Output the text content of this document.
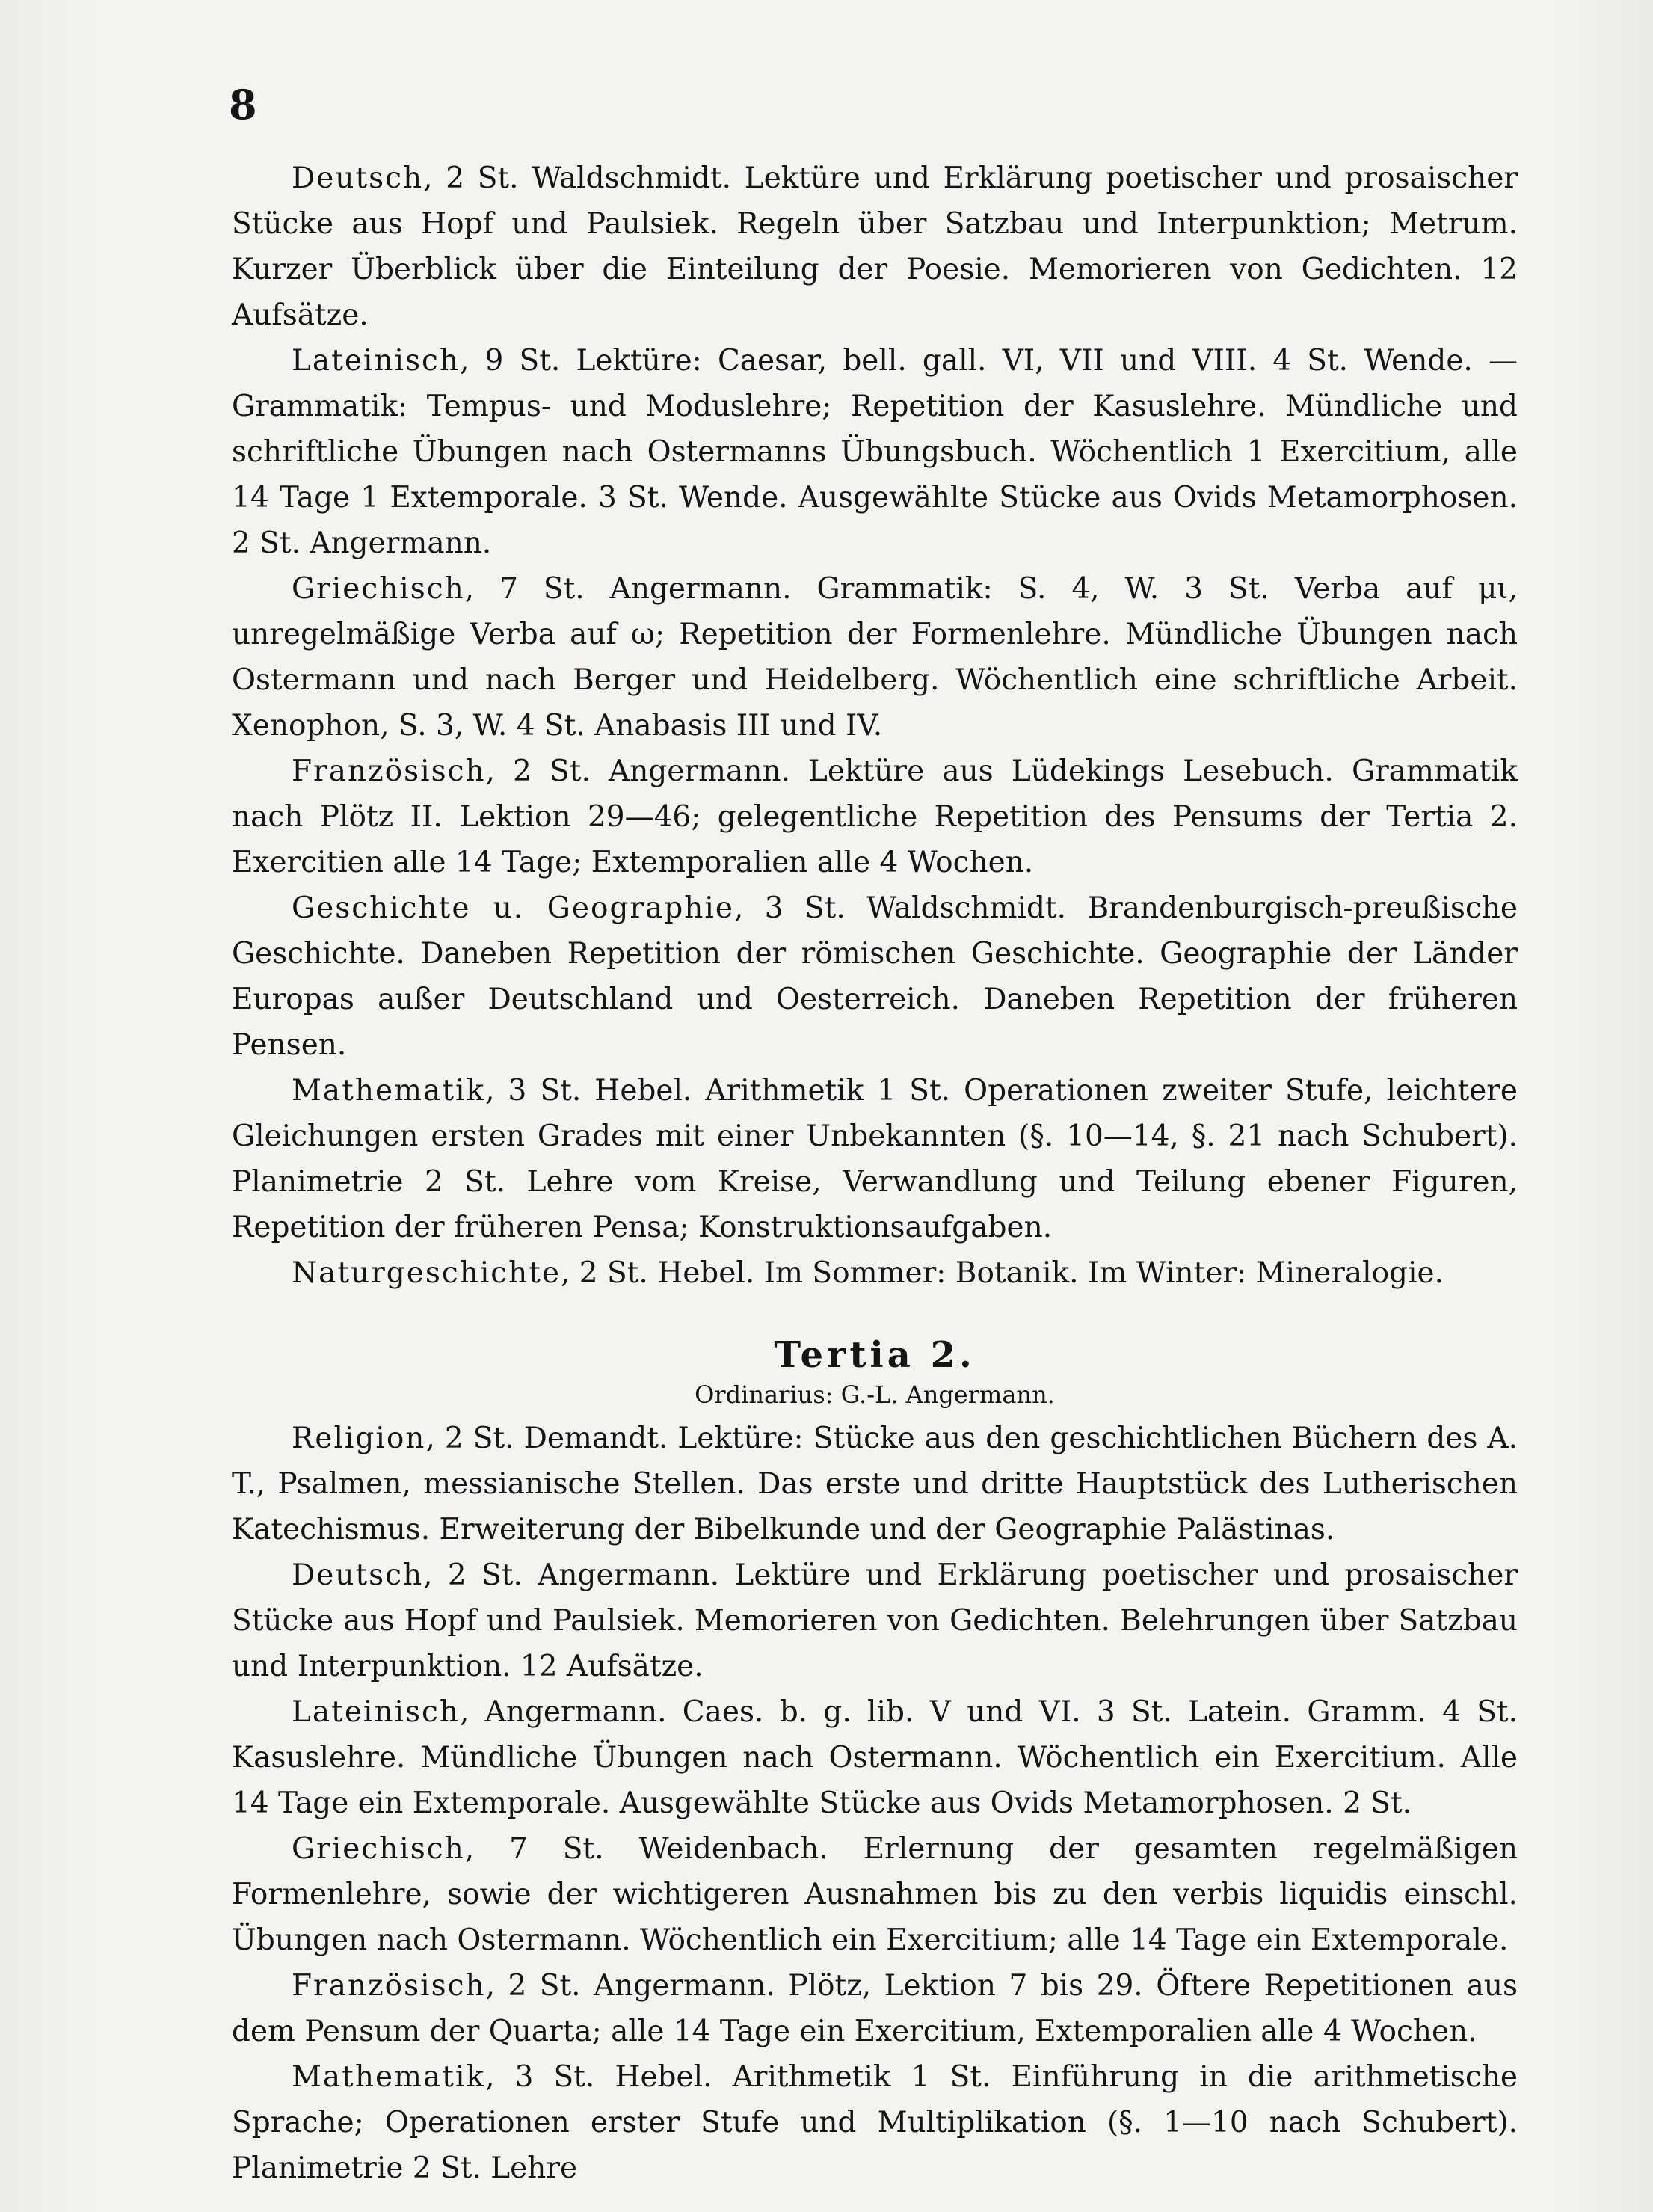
8

Deutsch, 2 St. Waldschmidt. Lektüre und Erklärung poetischer und prosaischer Stücke aus Hopf und Paulsiek. Regeln über Satzbau und Interpunktion; Metrum. Kurzer Überblick über die Einteilung der Poesie. Memorieren von Gedichten. 12 Aufsätze.

Lateinisch, 9 St. Lektüre: Caesar, bell. gall. VI, VII und VIII. 4 St. Wende. — Grammatik: Tempus- und Moduslehre; Repetition der Kasuslehre. Mündliche und schriftliche Übungen nach Ostermanns Übungsbuch. Wöchentlich 1 Exercitium, alle 14 Tage 1 Extemporale. 3 St. Wende. Ausgewählte Stücke aus Ovids Metamorphosen. 2 St. Angermann.

Griechisch, 7 St. Angermann. Grammatik: S. 4, W. 3 St. Verba auf μι, unregelmäßige Verba auf ω; Repetition der Formenlehre. Mündliche Übungen nach Ostermann und nach Berger und Heidelberg. Wöchentlich eine schriftliche Arbeit. Xenophon, S. 3, W. 4 St. Anabasis III und IV.

Französisch, 2 St. Angermann. Lektüre aus Lüdekings Lesebuch. Grammatik nach Plötz II. Lektion 29—46; gelegentliche Repetition des Pensums der Tertia 2. Exercitien alle 14 Tage; Extemporalien alle 4 Wochen.

Geschichte u. Geographie, 3 St. Waldschmidt. Brandenburgisch-preußische Geschichte. Daneben Repetition der römischen Geschichte. Geographie der Länder Europas außer Deutschland und Oesterreich. Daneben Repetition der früheren Pensen.

Mathematik, 3 St. Hebel. Arithmetik 1 St. Operationen zweiter Stufe, leichtere Gleichungen ersten Grades mit einer Unbekannten (§. 10—14, §. 21 nach Schubert). Planimetrie 2 St. Lehre vom Kreise, Verwandlung und Teilung ebener Figuren, Repetition der früheren Pensa; Konstruktionsaufgaben.

Naturgeschichte, 2 St. Hebel. Im Sommer: Botanik. Im Winter: Mineralogie.

Tertia 2.

Ordinarius: G.-L. Angermann.

Religion, 2 St. Demandt. Lektüre: Stücke aus den geschichtlichen Büchern des A. T., Psalmen, messianische Stellen. Das erste und dritte Hauptstück des Lutherischen Katechismus. Erweiterung der Bibelkunde und der Geographie Palästinas.

Deutsch, 2 St. Angermann. Lektüre und Erklärung poetischer und prosaischer Stücke aus Hopf und Paulsiek. Memorieren von Gedichten. Belehrungen über Satzbau und Interpunktion. 12 Aufsätze.

Lateinisch, Angermann. Caes. b. g. lib. V und VI. 3 St. Latein. Gramm. 4 St. Kasuslehre. Mündliche Übungen nach Ostermann. Wöchentlich ein Exercitium. Alle 14 Tage ein Extemporale. Ausgewählte Stücke aus Ovids Metamorphosen. 2 St.

Griechisch, 7 St. Weidenbach. Erlernung der gesamten regelmäßigen Formenlehre, sowie der wichtigeren Ausnahmen bis zu den verbis liquidis einschl. Übungen nach Ostermann. Wöchentlich ein Exercitium; alle 14 Tage ein Extemporale.

Französisch, 2 St. Angermann. Plötz, Lektion 7 bis 29. Öftere Repetitionen aus dem Pensum der Quarta; alle 14 Tage ein Exercitium, Extemporalien alle 4 Wochen.

Mathematik, 3 St. Hebel. Arithmetik 1 St. Einführung in die arithmetische Sprache; Operationen erster Stufe und Multiplikation (§. 1—10 nach Schubert). Planimetrie 2 St. Lehre
